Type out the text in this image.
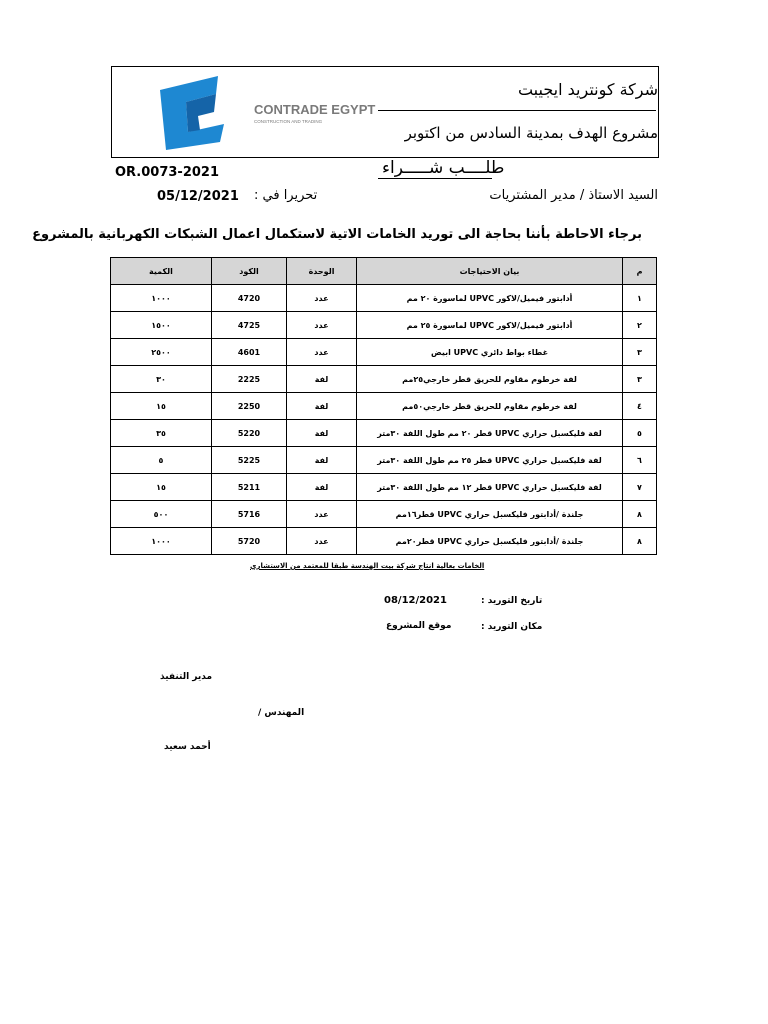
CONTRADE EGYPT
CONSTRUCTION AND TRADING
شركة كونتريد ايجيبت
مشروع الهدف بمدينة السادس من اكتوبر
OR.0073-2021	طلــــب شـــــراء
السيد الاستاذ / مدير المشتريات
تحريرا في :
05/12/2021
برجاء الاحاطة بأننا بحاجة الى توريد الخامات الاتية لاستكمال اعمال الشبكات الكهربانية بالمشروع
الكمية	الكود	الوحدة	بيان الاحتياجات	م
١٠٠٠	4720	عدد	أدابتور فيميل/لاكور UPVC لماسورة ٢٠ مم	١
١٥٠٠	4725	عدد	أدابتور فيميل/لاكور UPVC لماسورة ٢٥ مم	٢
٢٥٠٠	4601	عدد	غطاء بواط دائري UPVC ابيض	٣
٣٠	2225	لفة	لفة خرطوم مقاوم للحريق قطر خارجي٢٥مم	٣
١٥	2250	لفة	لفة خرطوم مقاوم للحريق قطر خارجي٥٠مم	٤
٣٥	5220	لفة	لفة فليكسبل حراري UPVC قطر ٢٠ مم طول اللفة ٣٠متر	٥
٥	5225	لفة	لفة فليكسبل حراري UPVC قطر ٢٥ مم طول اللفة ٣٠متر	٦
١٥	5211	لفة	لفة فليكسبل حراري UPVC قطر ١٢ مم طول اللفة ٣٠متر	٧
٥٠٠	5716	عدد	جلندة /أدابتور فليكسبل حراري UPVC قطر١٦مم	٨
١٠٠٠	5720	عدد	جلندة /أدابتور فليكسبل حراري UPVC قطر٢٠مم	٨
الخامات بعالية انتاج شركة بيت الهندسة طبقا للمعتمد من الاستشاري
تاريخ التوريد :
08/12/2021
مكان التوريد :
موقع المشروع
مدير التنفيذ
المهندس /
أحمد سعيد
